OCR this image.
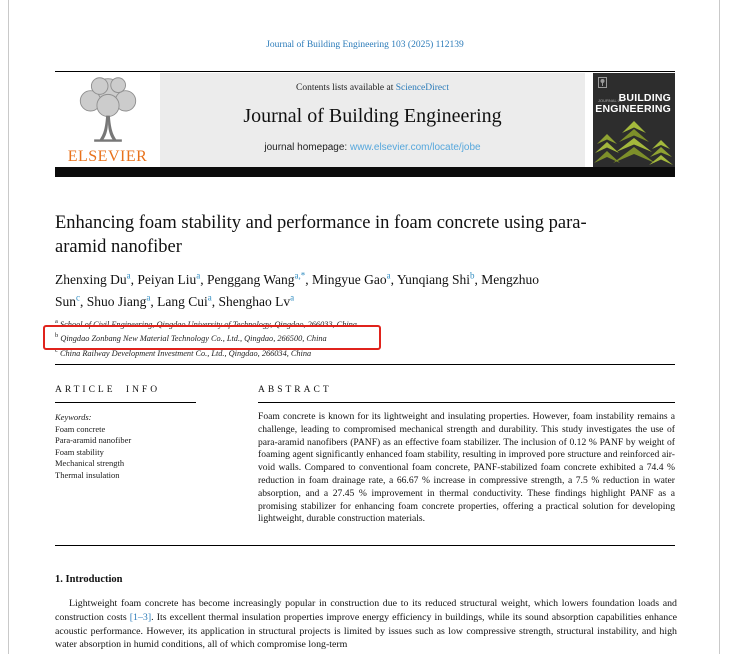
Journal of Building Engineering 103 (2025) 112139
ELSEVIER
Contents lists available at ScienceDirect
Journal of Building Engineering
journal homepage: www.elsevier.com/locate/jobe
JOURNAL OF
BUILDING
ENGINEERING
Enhancing foam stability and performance in foam concrete using para-aramid nanofiber
Zhenxing Du$^a$ , Peiyan Liu$^a$ , Penggang Wang$^{a,*}$ , Mingyue Gao$^a$ , Yunqiang Shi$^b$ , Mengzhuo Sun$^c$ , Shuo Jiang$^a$ , Lang Cui$^a$ , Shenghao Lv$^a$
$^a$ School of Civil Engineering, Qingdao University of Technology, Qingdao, 266033, China
$^b$ Qingdao Zonbang New Material Technology Co., Ltd., Qingdao, 266500, China
$^c$ China Railway Development Investment Co., Ltd., Qingdao, 266034, China
ARTICLE INFO
Keywords:
Foam concrete
Para-aramid nanofiber
Foam stability
Mechanical strength
Thermal insulation
ABSTRACT
Foam concrete is known for its lightweight and insulating properties. However, foam instability remains a challenge, leading to compromised mechanical strength and durability. This study investigates the use of para-aramid nanofibers (PANF) as an effective foam stabilizer. The inclusion of 0.12 % PANF by weight of foaming agent significantly enhanced foam stability, resulting in improved pore structure and reinforced air-void walls. Compared to conventional foam concrete, PANF-stabilized foam concrete exhibited a 74.4 % reduction in foam drainage rate, a 66.67 % increase in compressive strength, a 7.5 % reduction in water absorption, and a 27.45 % improvement in thermal conductivity. These findings highlight PANF as a promising stabilizer for enhancing foam concrete properties, offering a practical solution for developing lightweight, durable construction materials.
1. Introduction

Lightweight foam concrete has become increasingly popular in construction due to its reduced structural weight, which lowers foundation loads and construction costs [1–3]. Its excellent thermal insulation properties improve energy efficiency in buildings, while its sound absorption capabilities enhance acoustic performance. However, its application in structural projects is limited by issues such as low compressive strength, structural instability, and high water absorption in humid conditions, all of which compromise long-term
